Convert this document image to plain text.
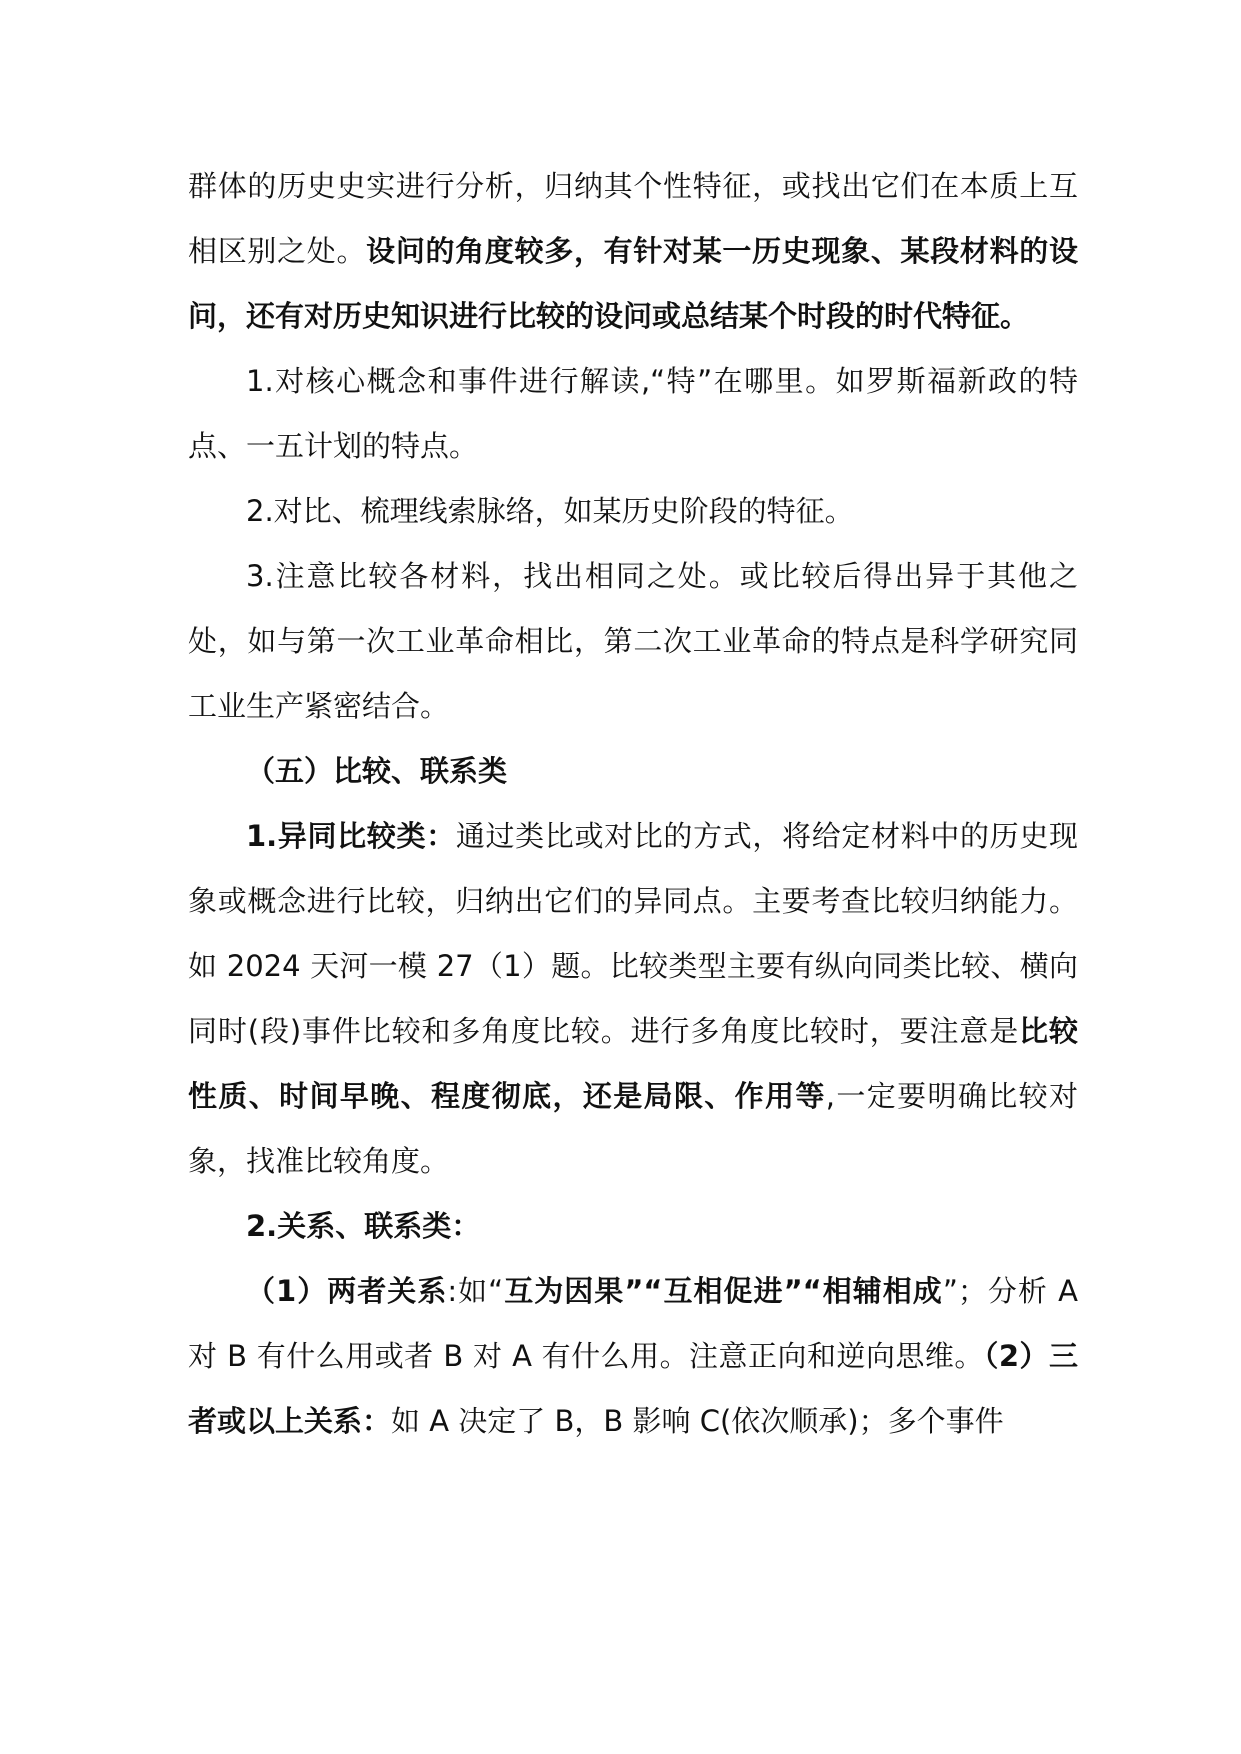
群体的历史史实进行分析，归纳其个性特征，或找出它们在本质上互相区别之处。设问的角度较多，有针对某一历史现象、某段材料的设问，还有对历史知识进行比较的设问或总结某个时段的时代特征。

1.对核心概念和事件进行解读,“特”在哪里。如罗斯福新政的特点、一五计划的特点。

2.对比、梳理线索脉络，如某历史阶段的特征。

3.注意比较各材料，找出相同之处。或比较后得出异于其他之处，如与第一次工业革命相比，第二次工业革命的特点是科学研究同工业生产紧密结合。

（五）比较、联系类

1.异同比较类：通过类比或对比的方式，将给定材料中的历史现象或概念进行比较，归纳出它们的异同点。主要考查比较归纳能力。如 2024 天河一模 27（1）题。比较类型主要有纵向同类比较、横向同时(段)事件比较和多角度比较。进行多角度比较时，要注意是比较性质、时间早晚、程度彻底，还是局限、作用等,一定要明确比较对象，找准比较角度。

2.关系、联系类：

（1）两者关系:如“互为因果”“互相促进”“相辅相成”；分析 A 对 B 有什么用或者 B 对 A 有什么用。注意正向和逆向思维。（2）三者或以上关系：如 A 决定了 B，B 影响 C(依次顺承)；多个事件
